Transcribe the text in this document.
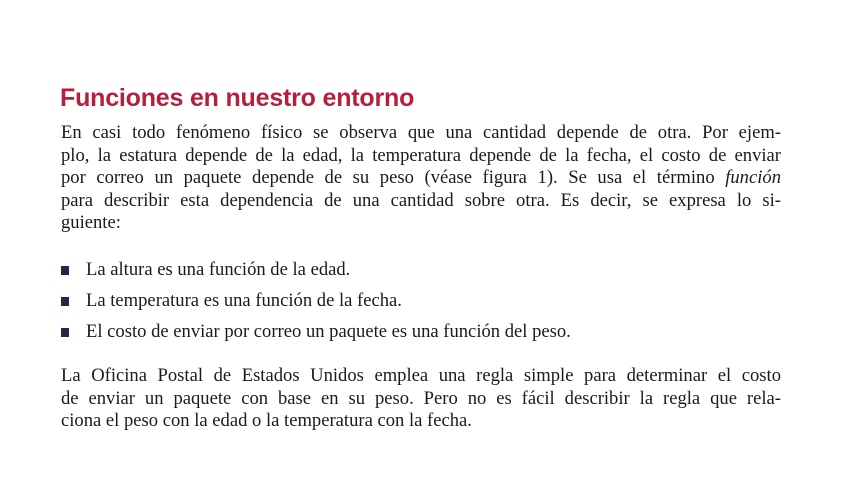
Funciones en nuestro entorno

En casi todo fenómeno físico se observa que una cantidad depende de otra. Por ejem-
plo, la estatura depende de la edad, la temperatura depende de la fecha, el costo de enviar
por correo un paquete depende de su peso (véase figura 1). Se usa el término función
para describir esta dependencia de una cantidad sobre otra. Es decir, se expresa lo si-
guiente:

La altura es una función de la edad.
La temperatura es una función de la fecha.
El costo de enviar por correo un paquete es una función del peso.

La Oficina Postal de Estados Unidos emplea una regla simple para determinar el costo
de enviar un paquete con base en su peso. Pero no es fácil describir la regla que rela-
ciona el peso con la edad o la temperatura con la fecha.
